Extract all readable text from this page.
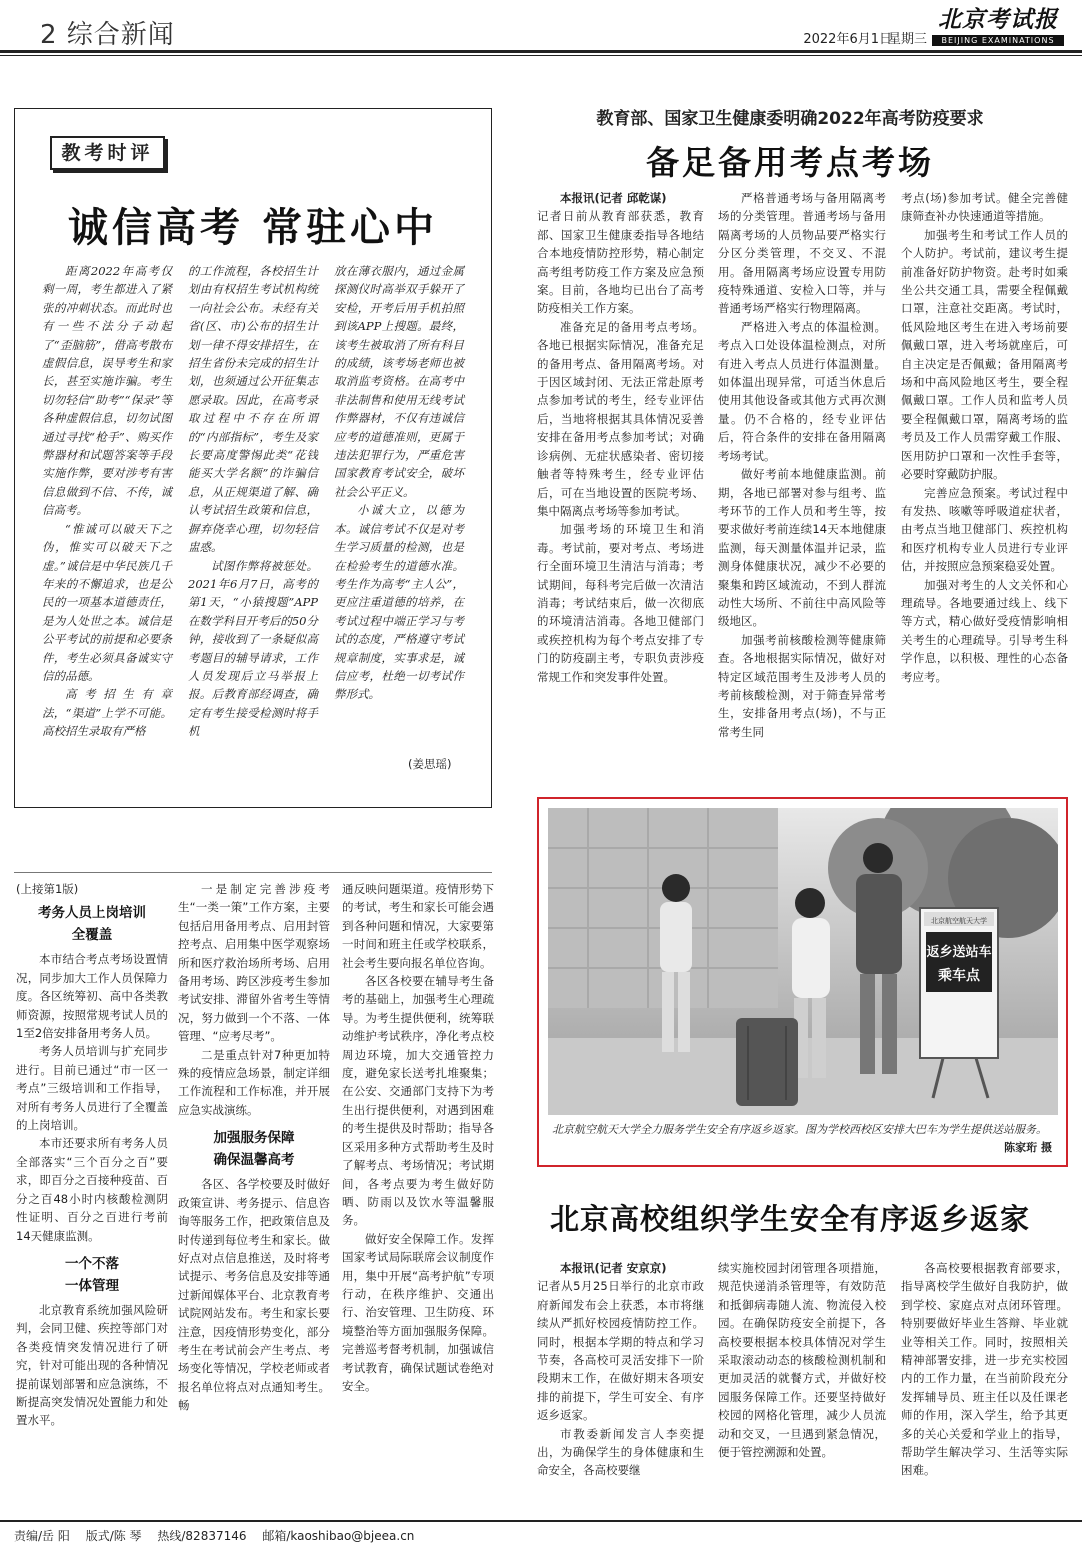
2 综合新闻	2022年6月1日
星期三
北京考试报
BEIJING EXAMINATIONS
教考时评
诚信高考 常驻心中

距离2022年高考仅剩一周，考生都进入了紧张的冲刺状态。而此时也有一些不法分子动起了“歪脑筋”，借高考散布虚假信息，误导考生和家长，甚至实施诈骗。考生切勿轻信“助考”“保录”等各种虚假信息，切勿试图通过寻找“枪手”、购买作弊器材和试题答案等手段实施作弊，要对涉考有害信息做到不信、不传，诚信高考。

“惟诚可以破天下之伪，惟实可以破天下之虚。”诚信是中华民族几千年来的不懈追求，也是公民的一项基本道德责任，是为人处世之本。诚信是公平考试的前提和必要条件，考生必须具备诚实守信的品德。

高考招生有章法，“渠道”上学不可能。高校招生录取有严格

的工作流程，各校招生计划由有权招生考试机构统一向社会公布。未经有关省(区、市)公布的招生计划一律不得安排招生，在招生省份未完成的招生计划，也须通过公开征集志愿录取。因此，在高考录取过程中不存在所谓的“内部指标”，考生及家长要高度警惕此类“花钱能买大学名额”的诈骗信息，从正规渠道了解、确认考试招生政策和信息，摒弃侥幸心理，切勿轻信盅惑。

试图作弊将被惩处。2021年6月7日，高考的第1天，“小猿搜题”APP在数学科目开考后的50分钟，接收到了一条疑似高考题目的辅导请求，工作人员发现后立马举报上报。后教育部经调查，确定有考生接受检测时将手机

放在薄衣服内，通过金属探测仪时高举双手躲开了安检，开考后用手机拍照到该APP上搜题。最终，该考生被取消了所有科目的成绩，该考场老师也被取消监考资格。在高考中非法制售和使用无线考试作弊器材，不仅有违诚信应考的道德准则，更属于违法犯罪行为，严重危害国家教育考试安全，破坏社会公平正义。

小诚大立，以德为本。诚信考试不仅是对考生学习质量的检测，也是在检验考生的道德水准。考生作为高考“主人公”，更应注重道德的培养，在考试过程中端正学习与考试的态度，严格遵守考试规章制度，实事求是，诚信应考，杜绝一切考试作弊形式。

(姜思瑶)
教育部、国家卫生健康委明确2022年高考防疫要求
备足备用考点考场

本报讯(记者 邱乾谋)

记者日前从教育部获悉，教育部、国家卫生健康委指导各地结合本地疫情防控形势，精心制定高考组考防疫工作方案及应急预案。目前，各地均已出台了高考防疫相关工作方案。

准备充足的备用考点考场。各地已根据实际情况，准备充足的备用考点、备用隔离考场。对于因区域封闭、无法正常赴原考点参加考试的考生，经专业评估后，当地将根据其具体情况妥善安排在备用考点参加考试；对确诊病例、无症状感染者、密切接触者等特殊考生，经专业评估后，可在当地设置的医院考场、集中隔离点考场等参加考试。

加强考场的环境卫生和消毒。考试前，要对考点、考场进行全面环境卫生清洁与消毒；考试期间，每科考完后做一次清洁消毒；考试结束后，做一次彻底的环境清洁消毒。各地卫健部门或疾控机构为每个考点安排了专门的防疫副主考，专职负责涉疫常规工作和突发事件处置。

严格普通考场与备用隔离考场的分类管理。普通考场与备用隔离考场的人员物品要严格实行分区分类管理，不交叉、不混用。备用隔离考场应设置专用防疫特殊通道、安检入口等，并与普通考场严格实行物理隔离。

严格进入考点的体温检测。考点入口处设体温检测点，对所有进入考点人员进行体温测量。如体温出现异常，可适当休息后使用其他设备或其他方式再次测量。仍不合格的，经专业评估后，符合条件的安排在备用隔离考场考试。

做好考前本地健康监测。前期，各地已部署对参与组考、监考环节的工作人员和考生等，按要求做好考前连续14天本地健康监测，每天测量体温并记录，监测身体健康状况，减少不必要的聚集和跨区域流动，不到人群流动性大场所、不前往中高风险等级地区。

加强考前核酸检测等健康筛查。各地根据实际情况，做好对特定区域范围考生及涉考人员的考前核酸检测，对于筛查异常考生，安排备用考点(场)，不与正常考生同

考点(场)参加考试。健全完善健康筛查补办快速通道等措施。

加强考生和考试工作人员的个人防护。考试前，建议考生提前准备好防护物资。赴考时如乘坐公共交通工具，需要全程佩戴口罩，注意社交距离。考试时，低风险地区考生在进入考场前要佩戴口罩，进入考场就座后，可自主决定是否佩戴；备用隔离考场和中高风险地区考生，要全程佩戴口罩。工作人员和监考人员要全程佩戴口罩，隔离考场的监考员及工作人员需穿戴工作服、医用防护口罩和一次性手套等，必要时穿戴防护服。

完善应急预案。考试过程中有发热、咳嗽等呼吸道症状者，由考点当地卫健部门、疾控机构和医疗机构专业人员进行专业评估，并按照应急预案稳妥处置。

加强对考生的人文关怀和心理疏导。各地要通过线上、线下等方式，精心做好受疫情影响相关考生的心理疏导。引导考生科学作息，以积极、理性的心态备考应考。

北京航空航天大学
返乡送站车
乘车点
北京航空航天大学全力服务学生安全有序返乡返家。图为学校西校区安排大巴车为学生提供送站服务。
陈家珩 摄
北京高校组织学生安全有序返乡返家

本报讯(记者 安京京)

记者从5月25日举行的北京市政府新闻发布会上获悉，本市将继续从严抓好校园疫情防控工作。同时，根据本学期的特点和学习节奏，各高校可灵活安排下一阶段期末工作，在做好期末各项安排的前提下，学生可安全、有序返乡返家。

市教委新闻发言人李奕提出，为确保学生的身体健康和生命安全，各高校要继

续实施校园封闭管理各项措施，规范快递消杀管理等，有效防范和抵御病毒随人流、物流侵入校园。在确保防疫安全前提下，各高校要根据本校具体情况对学生采取滚动动态的核酸检测机制和更加灵活的就餐方式，并做好校园服务保障工作。还要坚持做好校园的网格化管理，减少人员流动和交叉，一旦遇到紧急情况，便于管控溯源和处置。

各高校要根据教育部要求，指导离校学生做好自我防护，做到学校、家庭点对点闭环管理。特别要做好毕业生答辩、毕业就业等相关工作。同时，按照相关精神部署安排，进一步充实校园内的工作力量，在当前阶段充分发挥辅导员、班主任以及任课老师的作用，深入学生，给予其更多的关心关爱和学业上的指导，帮助学生解决学习、生活等实际困难。

(上接第1版)

考务人员上岗培训
全覆盖

本市结合考点考场设置情况，同步加大工作人员保障力度。各区统筹初、高中各类教师资源，按照常规考试人员的1至2倍安排备用考务人员。

考务人员培训与扩充同步进行。目前已通过“市一区一考点”三级培训和工作指导，对所有考务人员进行了全覆盖的上岗培训。

本市还要求所有考务人员全部落实“三个百分之百”要求，即百分之百接种疫苗、百分之百48小时内核酸检测阴性证明、百分之百进行考前14天健康监测。

一个不落
一体管理

北京教育系统加强风险研判，会同卫健、疾控等部门对各类疫情突发情况进行了研究，针对可能出现的各种情况提前谋划部署和应急演练，不断提高突发情况处置能力和处置水平。

一是制定完善涉疫考生“一类一策”工作方案，主要包括启用备用考点、启用封管控考点、启用集中医学观察场所和医疗救治场所考场、启用备用考场、跨区涉疫考生参加考试安排、滞留外省考生等情况，努力做到一个不落、一体管理、“应考尽考”。

二是重点针对7种更加特殊的疫情应急场景，制定详细工作流程和工作标准，并开展应急实战演练。

加强服务保障
确保温馨高考

各区、各学校要及时做好政策宣讲、考务提示、信息咨询等服务工作，把政策信息及时传递到每位考生和家长。做好点对点信息推送，及时将考试提示、考务信息及安排等通过新闻媒体平台、北京教育考试院网站发布。考生和家长要注意，因疫情形势变化，部分考生在考试前会产生考点、考场变化等情况，学校老师或者报名单位将点对点通知考生。畅

通反映问题渠道。疫情形势下的考试，考生和家长可能会遇到各种问题和情况，大家要第一时间和班主任或学校联系，社会考生要向报名单位咨询。

各区各校要在辅导考生备考的基础上，加强考生心理疏导。为考生提供便利，统筹联动维护考试秩序，净化考点校周边环境，加大交通管控力度，避免家长送考扎堆聚集；在公安、交通部门支持下为考生出行提供便利，对遇到困难的考生提供及时帮助；指导各区采用多种方式帮助考生及时了解考点、考场情况；考试期间，各考点要为考生做好防晒、防雨以及饮水等温馨服务。

做好安全保障工作。发挥国家考试局际联席会议制度作用，集中开展“高考护航”专项行动，在秩序维护、交通出行、治安管理、卫生防疫、环境整治等方面加强服务保障。完善巡考督考机制，加强诚信考试教育，确保试题试卷绝对安全。

责编/岳 阳 版式/陈 琴 热线/82837146 邮箱/kaoshibao@bjeea.cn
